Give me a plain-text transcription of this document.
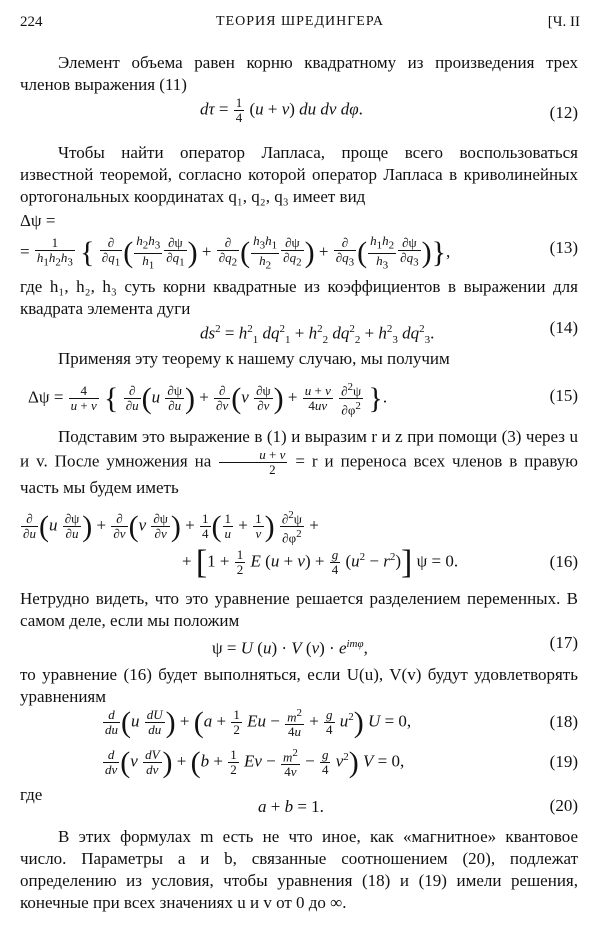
224	ТЕОРИЯ ШРЕДИНГЕРА	[Ч. II
Элемент объема равен корню квадратному из произведения трех членов выражения (11)
$d\tau = \frac{1}{4} (u + v)$ du dv dφ.	(12)
Чтобы найти оператор Лапласа, проще всего воспользоваться известной теоремой, согласно которой оператор Лапласа в криволинейных ортогональных координатах q₁, q₂, q₃ имеет вид
Δψ =
= $\frac{1}{h_1h_2h_3}$ { $\frac{\partial}{\partial q_1}$ ( $\frac{h_2h_3}{h_1} \frac{\partial\psi}{\partial q_1}$ ) + $\frac{\partial}{\partial q_2}$ ( $\frac{h_3h_1}{h_2} \frac{\partial\psi}{\partial q_2}$ ) + $\frac{\partial}{\partial q_3}$ ( $\frac{h_1h_2}{h_3} \frac{\partial\psi}{\partial q_3}$ )},	(13)
где h₁, h₂, h₃ суть корни квадратные из коэффициентов в выражении для квадрата элемента дуги
$ds^2 = h^2_1$ $dq^2_1 + h^2_2$ $dq^2_2 + h^2_3$ $dq^2_3$.	(14)
Применяя эту теорему к нашему случаю, мы получим
$\Delta\psi = \frac{4}{u + v}$ { $\frac{\partial}{\partial u} (u \frac{\partial\psi}{\partial u}$ ) + $\frac{\partial}{\partial v} (v \frac{\partial\psi}{\partial v}$ ) + $\frac{u + v}{4uv}$
$\frac{\partial^2\psi}{\partial\varphi^2}$ }.	(15)
Подставим это выражение в (1) и выразим r и z при помощи (3) через u и v. После умножения на $\frac{u + v}{2} = r$ и переноса всех членов в правую часть мы будем иметь
$\frac{\partial}{\partial u} (u \frac{\partial\psi}{\partial u}$ ) + $\frac{\partial}{\partial v} (v \frac{\partial\psi}{\partial v}$ ) + $\frac{1}{4}$ ( $\frac{1}{u} + \frac{1}{v}$ ) $\frac{\partial^2\psi}{\partial\varphi^2}$ +
+ [$1 + \frac{1}{2}$ E $(u + v) + \frac{g}{4} (u^2 - r^2)$] ψ = 0.	(16)
Нетрудно видеть, что это уравнение решается разделением переменных. В самом деле, если мы положим
ψ = U (u) · V $(v) \cdot e^{im\varphi}$,	(17)
то уравнение (16) будет выполняться, если U(u), V(v) будут удовлетворять уравнениям
$\frac{d}{du} (u \frac{dU}{du}$ ) + ($a + \frac{1}{2}$ $Eu - \frac{m^2}{4u} + \frac{g}{4} u^2$) U = 0,	(18)
$\frac{d}{dv} (v \frac{dV}{dv}$ ) + ($b + \frac{1}{2}$ $Ev - \frac{m^2}{4v} - \frac{g}{4} v^2$) V = 0,	(19)
где
a + b = 1.	(20)
В этих формулах m есть не что иное, как «магнитное» квантовое число. Параметры a и b, связанные соотношением (20), подлежат определению из условия, чтобы уравнения (18) и (19) имели решения, конечные при всех значениях u и v от 0 до ∞.
